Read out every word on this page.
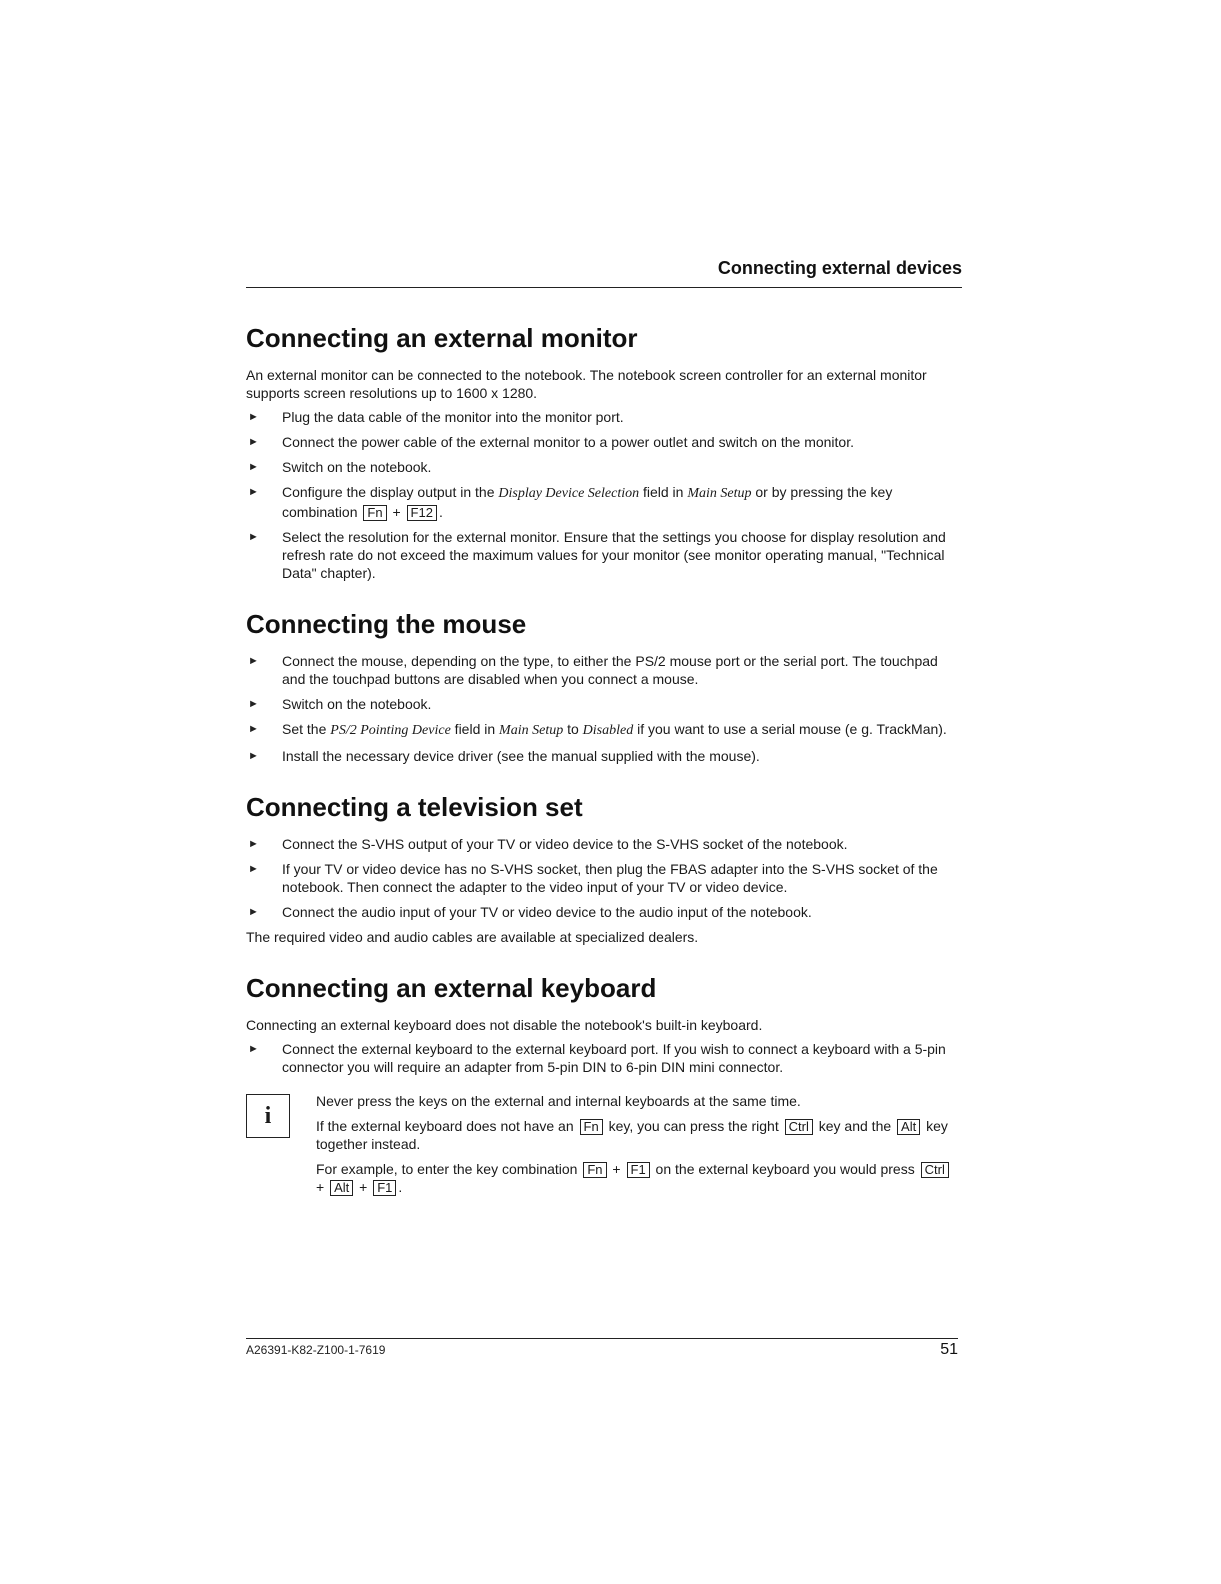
Connecting external devices
Connecting an external monitor

An external monitor can be connected to the notebook. The notebook screen controller for an external monitor supports screen resolutions up to 1600 x 1280.

► Plug the data cable of the monitor into the monitor port.
► Connect the power cable of the external monitor to a power outlet and switch on the monitor.
► Switch on the notebook.
► Configure the display output in the Display Device Selection field in Main Setup or by pressing the key combination Fn + F12 .
► Select the resolution for the external monitor. Ensure that the settings you choose for display resolution and refresh rate do not exceed the maximum values for your monitor (see monitor operating manual, "Technical Data" chapter).
Connecting the mouse
► Connect the mouse, depending on the type, to either the PS/2 mouse port or the serial port. The touchpad and the touchpad buttons are disabled when you connect a mouse.
► Switch on the notebook.
► Set the PS/2 Pointing Device field in Main Setup to Disabled if you want to use a serial mouse (e g. TrackMan).
► Install the necessary device driver (see the manual supplied with the mouse).
Connecting a television set
► Connect the S-VHS output of your TV or video device to the S-VHS socket of the notebook.
► If your TV or video device has no S-VHS socket, then plug the FBAS adapter into the S-VHS socket of the notebook. Then connect the adapter to the video input of your TV or video device.
► Connect the audio input of your TV or video device to the audio input of the notebook.

The required video and audio cables are available at specialized dealers.

Connecting an external keyboard

Connecting an external keyboard does not disable the notebook's built-in keyboard.

► Connect the external keyboard to the external keyboard port. If you wish to connect a keyboard with a 5-pin connector you will require an adapter from 5-pin DIN to 6-pin DIN mini connector.
i

Never press the keys on the external and internal keyboards at the same time.

If the external keyboard does not have an Fn key, you can press the right Ctrl key and the Alt key together instead.

For example, to enter the key combination Fn + F1 on the external keyboard you would press Ctrl + Alt + F1 .

A26391-K82-Z100-1-7619	51
